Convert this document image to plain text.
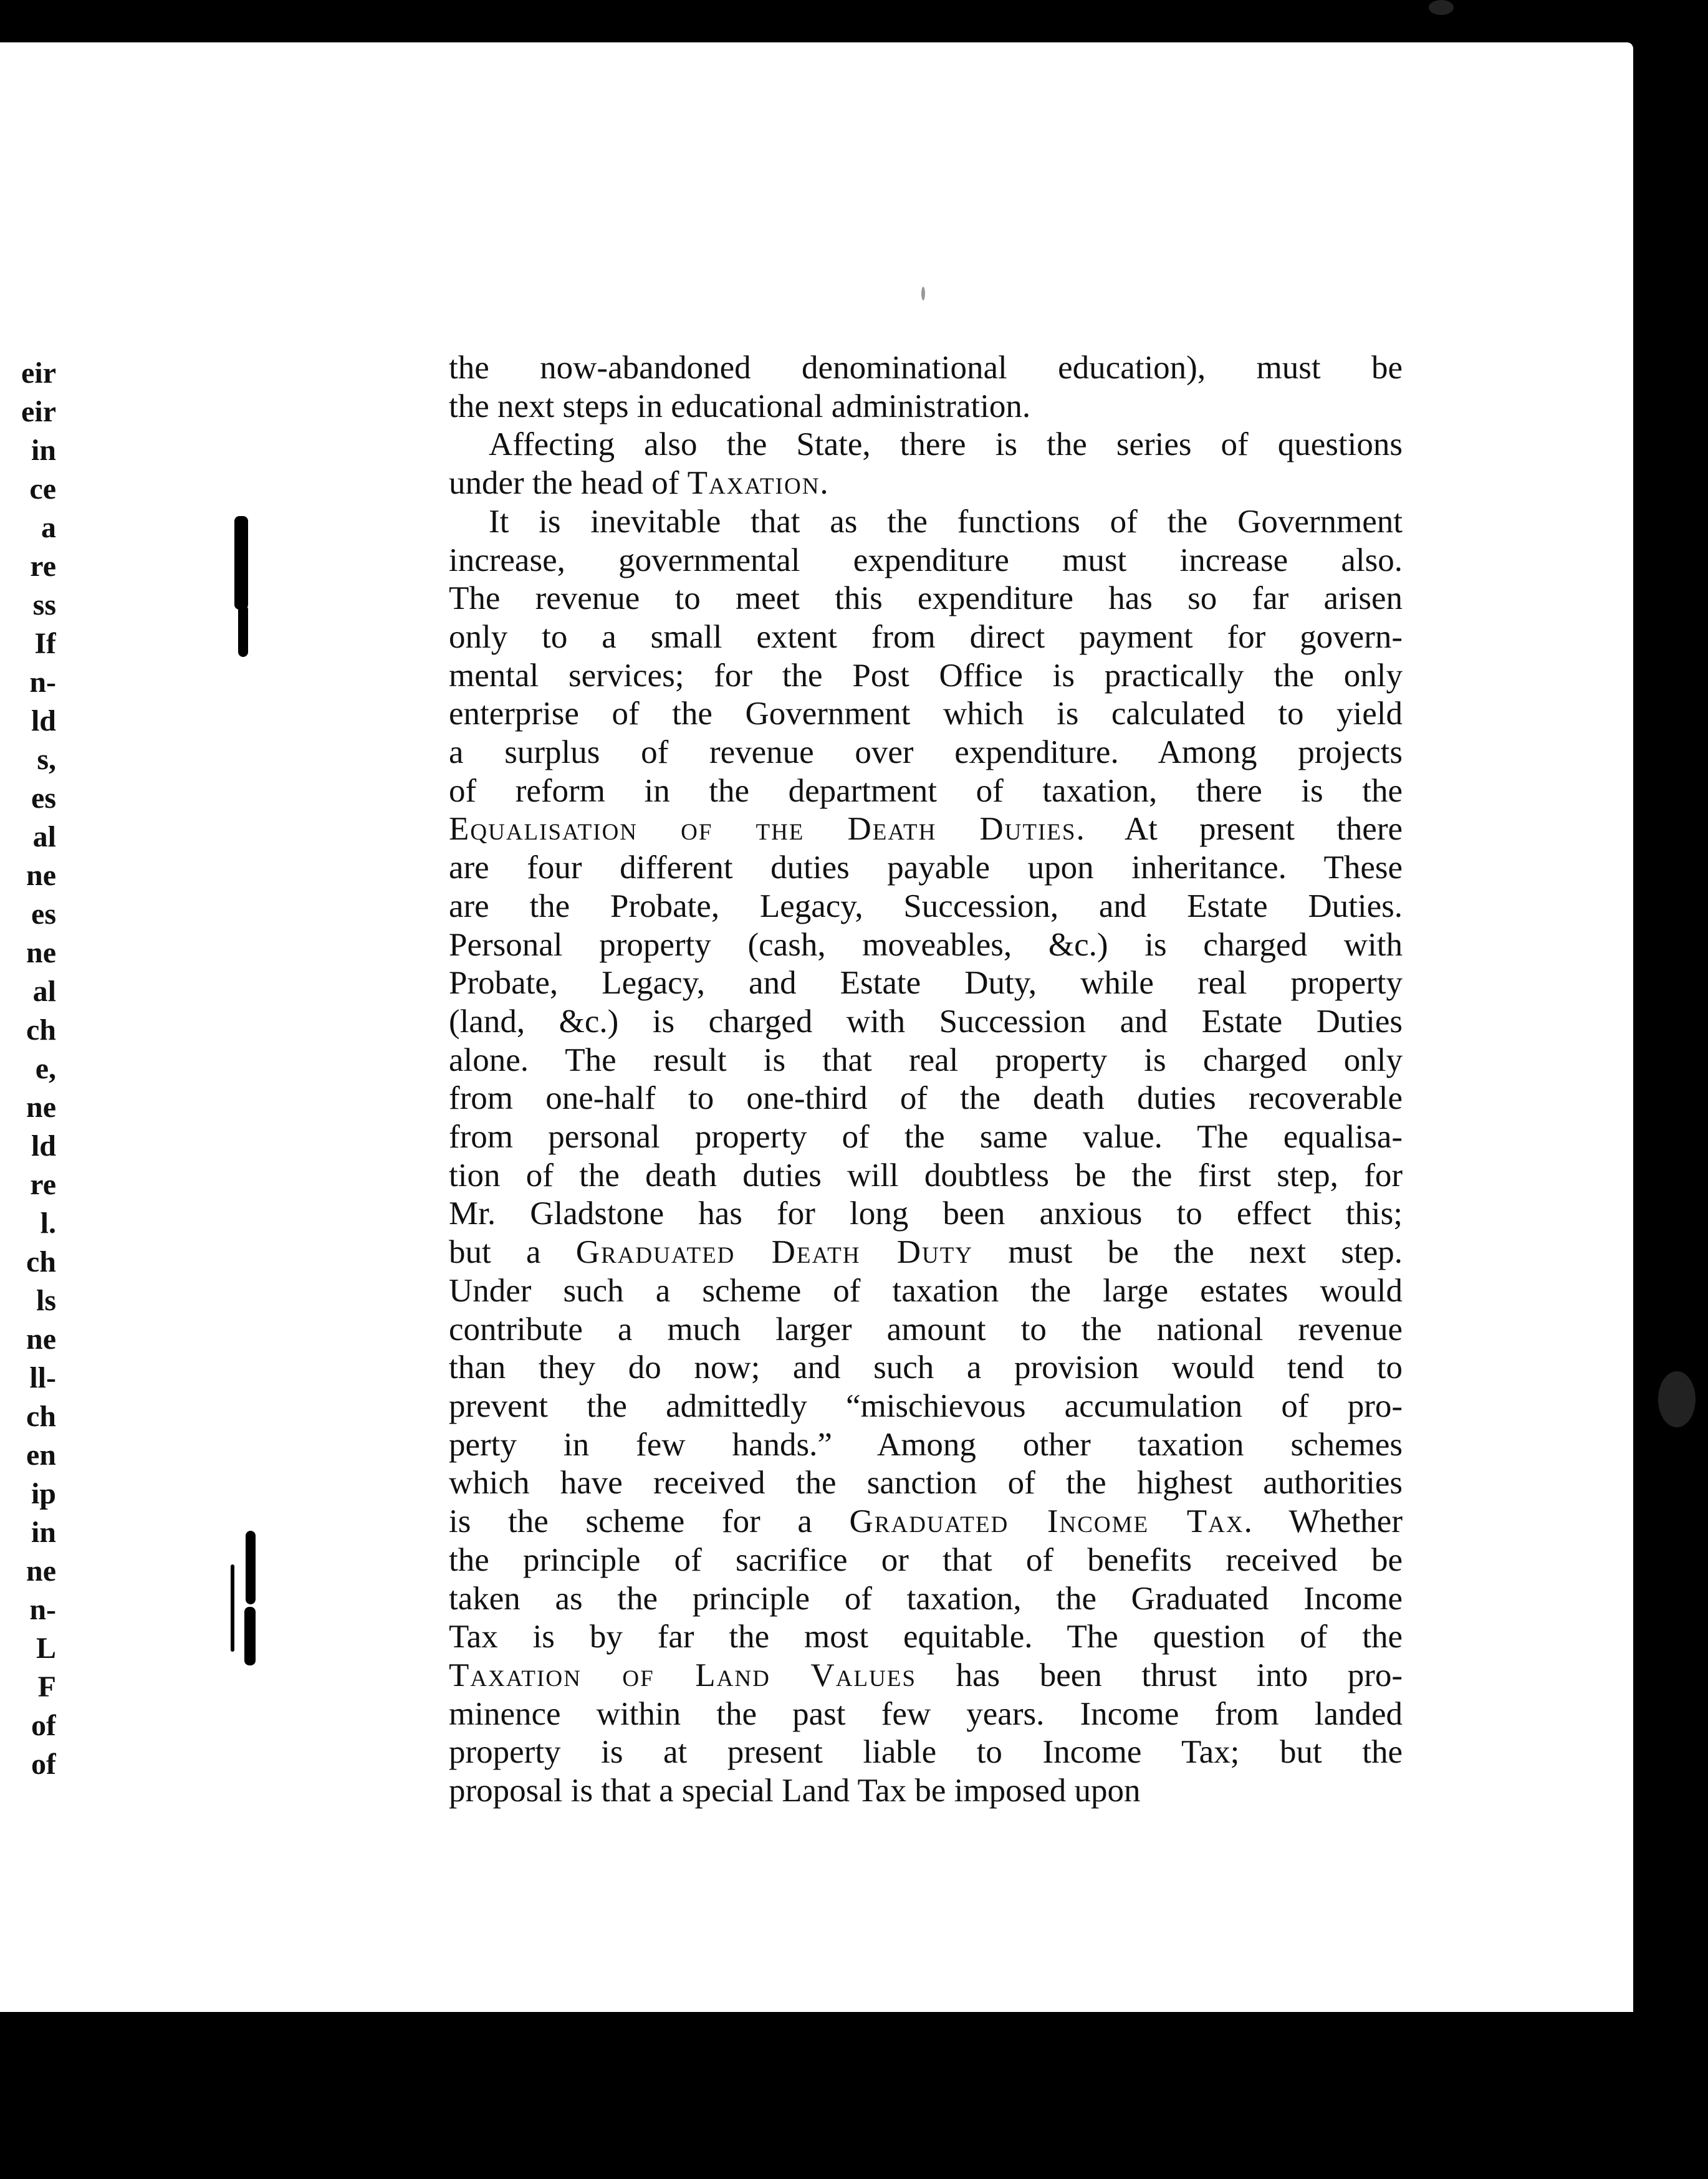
eir
eir
in
ce
a
re
ss
If
n-
ld
s,
es
al
ne
es
ne
al
ch
e,
ne
ld
re
l.
ch
ls
ne
ll-
ch
en
ip
in
ne
n-
L
F
of
of
the now-abandoned denominational education), must be
the next steps in educational administration.
Affecting also the State, there is the series of questions
under the head of Taxation.
It is inevitable that as the functions of the Government
increase, governmental expenditure must increase also.
The revenue to meet this expenditure has so far arisen
only to a small extent from direct payment for govern-
mental services; for the Post Office is practically the only
enterprise of the Government which is calculated to yield
a surplus of revenue over expenditure. Among projects
of reform in the department of taxation, there is the
Equalisation of the Death Duties. At present there
are four different duties payable upon inheritance. These
are the Probate, Legacy, Succession, and Estate Duties.
Personal property (cash, moveables, &c.) is charged with
Probate, Legacy, and Estate Duty, while real property
(land, &c.) is charged with Succession and Estate Duties
alone. The result is that real property is charged only
from one-half to one-third of the death duties recoverable
from personal property of the same value. The equalisa-
tion of the death duties will doubtless be the first step, for
Mr. Gladstone has for long been anxious to effect this;
but a Graduated Death Duty must be the next step.
Under such a scheme of taxation the large estates would
contribute a much larger amount to the national revenue
than they do now; and such a provision would tend to
prevent the admittedly “mischievous accumulation of pro-
perty in few hands.” Among other taxation schemes
which have received the sanction of the highest authorities
is the scheme for a Graduated Income Tax. Whether
the principle of sacrifice or that of benefits received be
taken as the principle of taxation, the Graduated Income
Tax is by far the most equitable. The question of the
Taxation of Land Values has been thrust into pro-
minence within the past few years. Income from landed
property is at present liable to Income Tax; but the
proposal is that a special Land Tax be imposed upon
